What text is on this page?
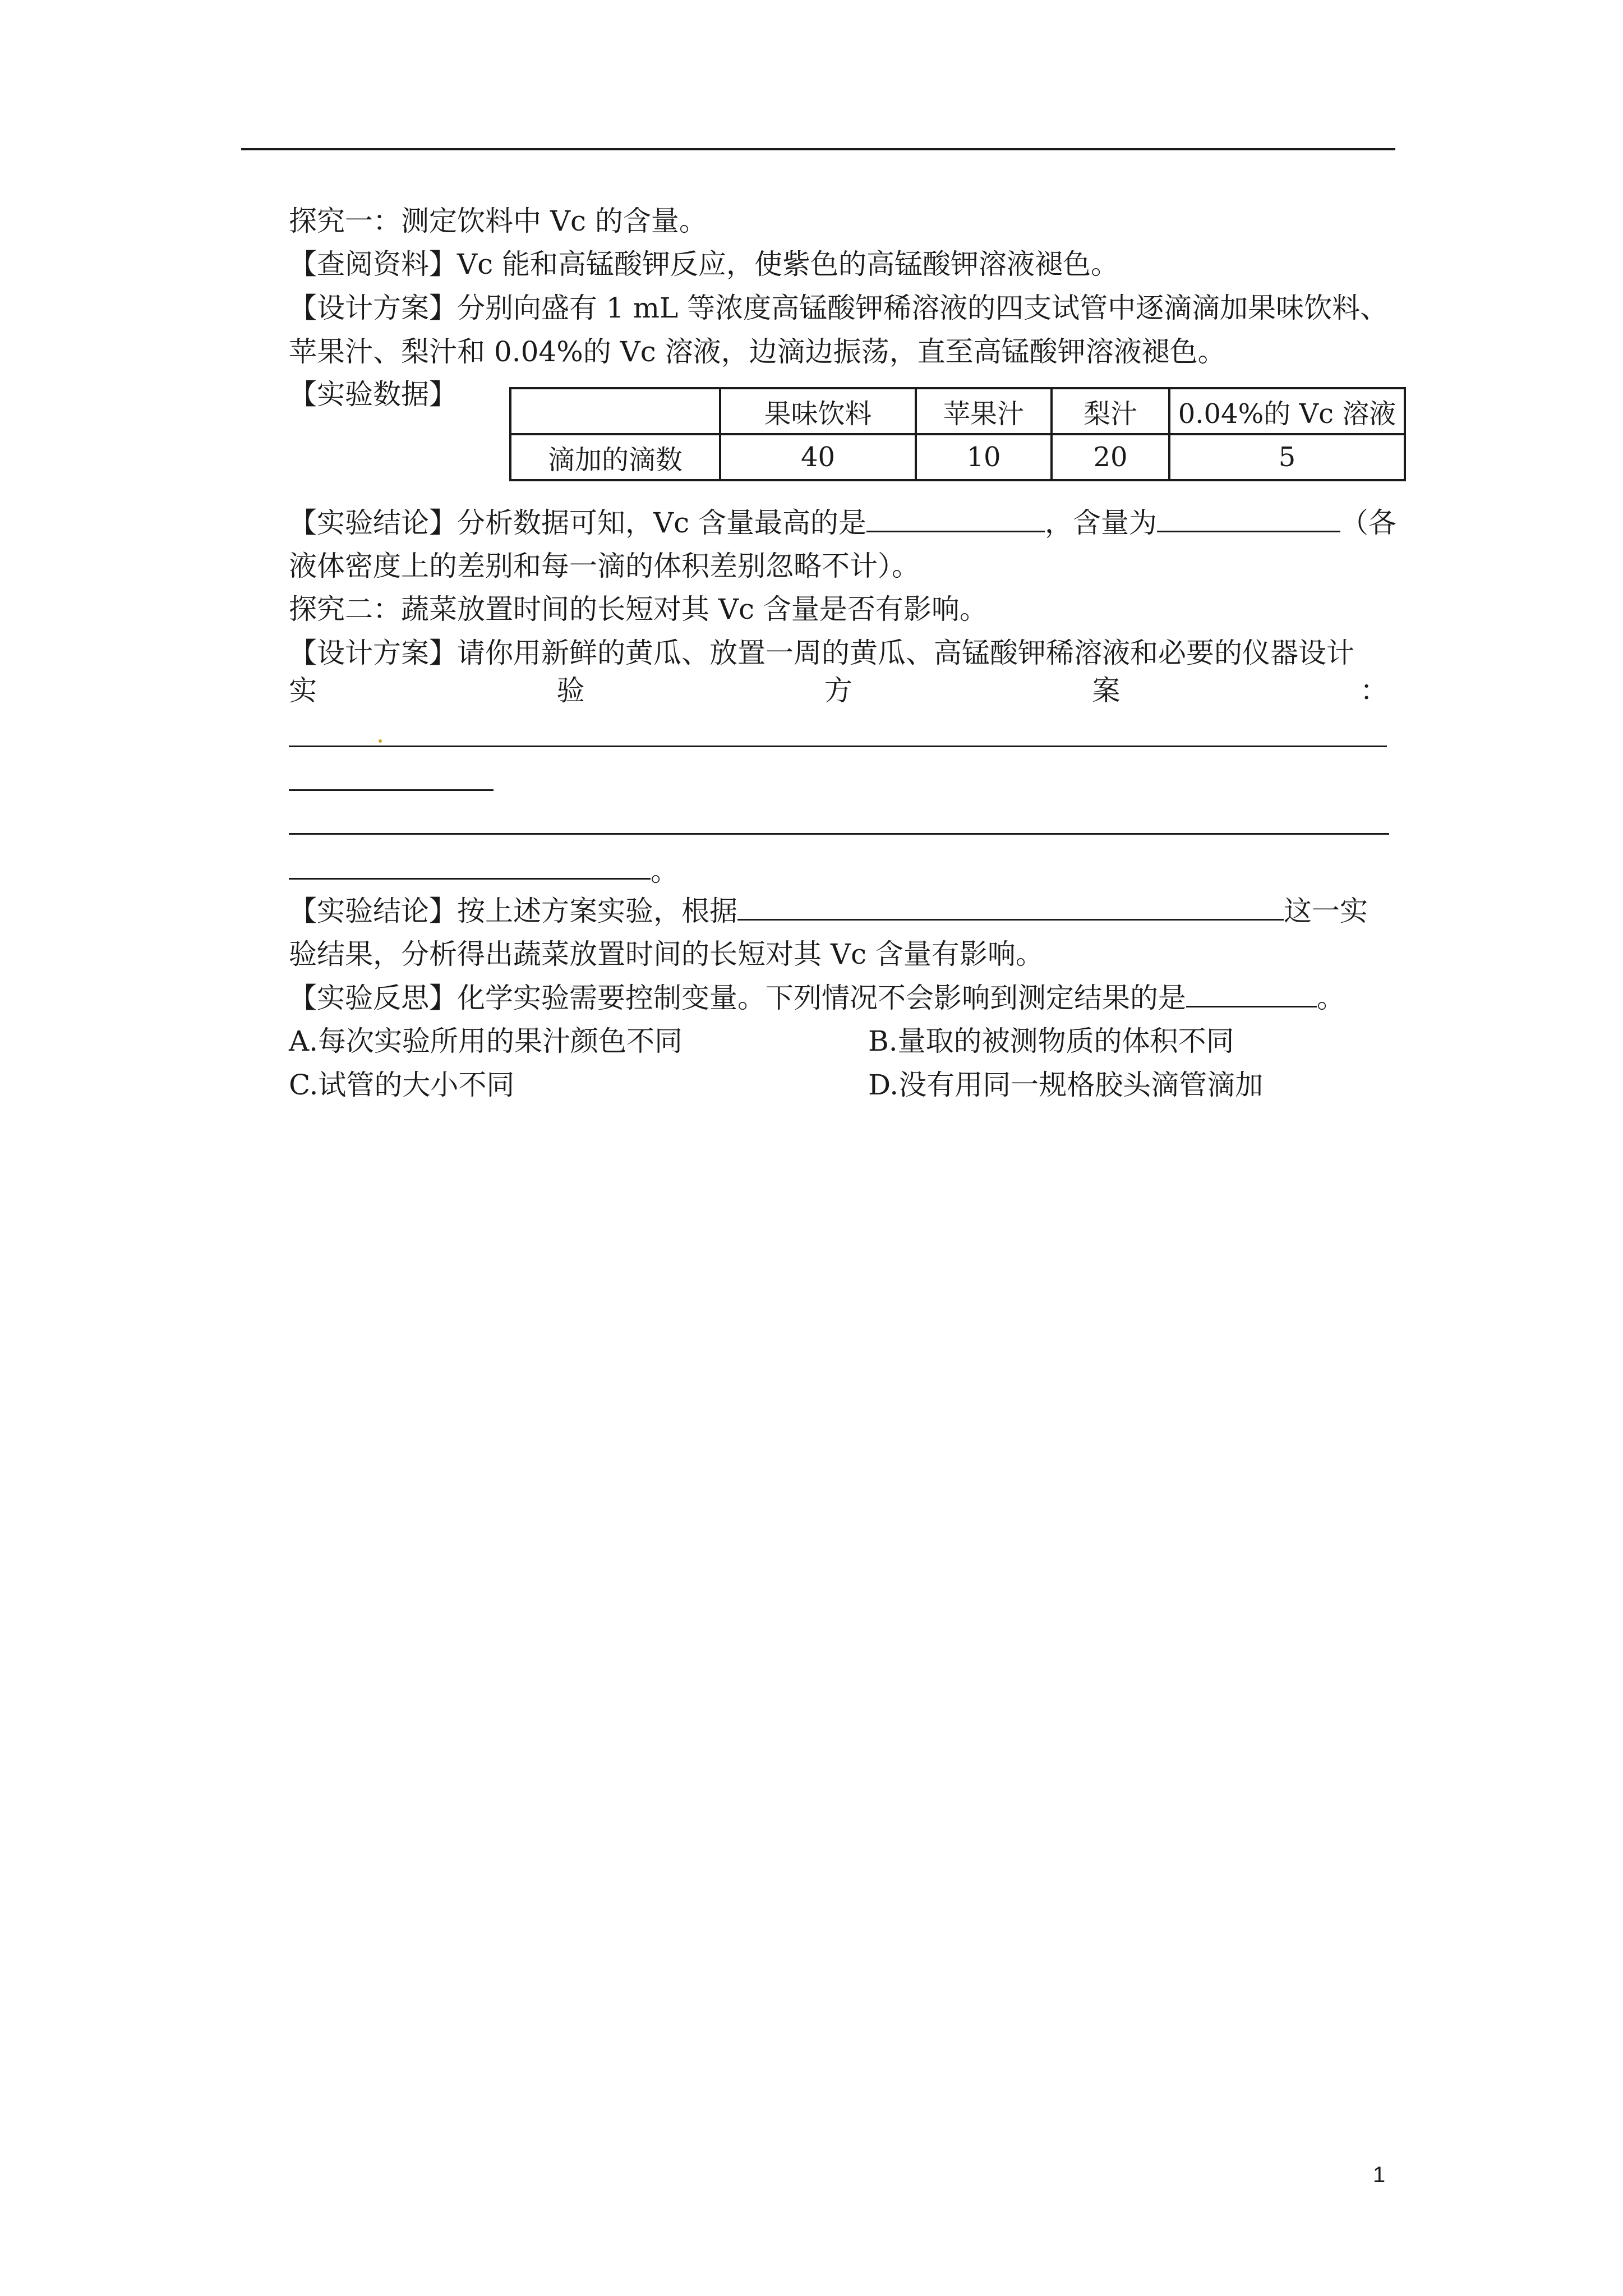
探究一：测定饮料中 Vc 的含量。
【查阅资料】Vc 能和高锰酸钾反应，使紫色的高锰酸钾溶液褪色。
【设计方案】分别向盛有 1 mL 等浓度高锰酸钾稀溶液的四支试管中逐滴滴加果味饮料、
苹果汁、梨汁和 0.04%的 Vc 溶液，边滴边振荡，直至高锰酸钾溶液褪色。
【实验数据】
	果味饮料	苹果汁	梨汁	0.04%的 Vc 溶液
滴加的滴数	40	10	20	5
【实验结论】分析数据可知，Vc 含量最高的是	，含量为	（各
液体密度上的差别和每一滴的体积差别忽略不计）。
探究二：蔬菜放置时间的长短对其 Vc 含量是否有影响。
【设计方案】请你用新鲜的黄瓜、放置一周的黄瓜、高锰酸钾稀溶液和必要的仪器设计
实	验	方	案	：
。
【实验结论】按上述方案实验，根据	这一实
验结果，分析得出蔬菜放置时间的长短对其 Vc 含量有影响。
【实验反思】化学实验需要控制变量。下列情况不会影响到测定结果的是	。
A.每次实验所用的果汁颜色不同	B.量取的被测物质的体积不同
C.试管的大小不同	D.没有用同一规格胶头滴管滴加
1
